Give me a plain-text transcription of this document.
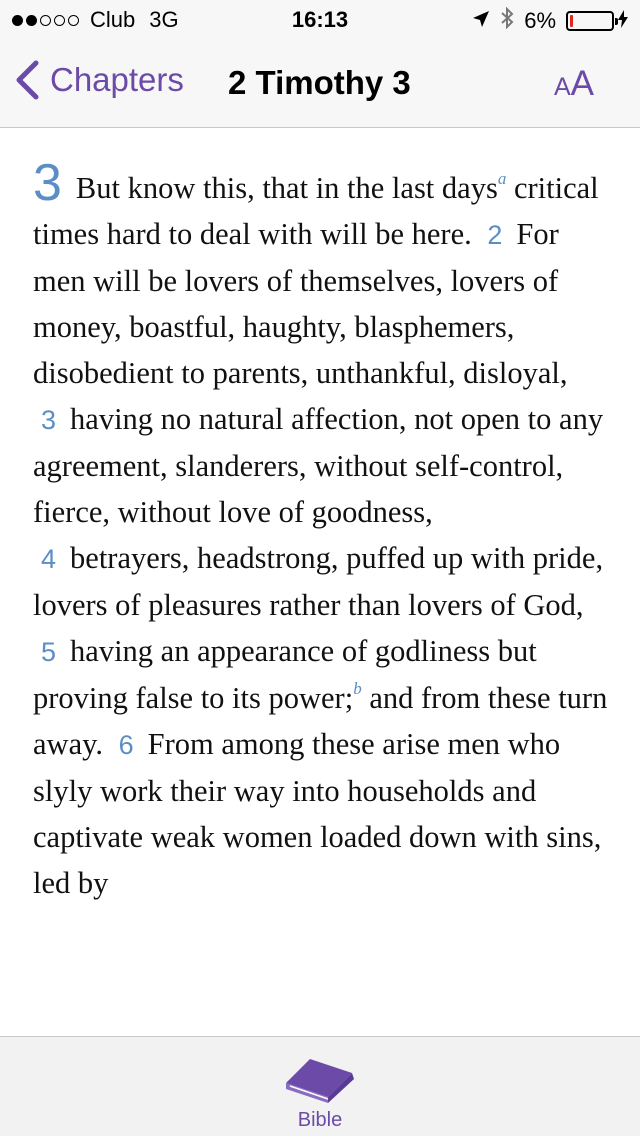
Club 3G	16:13	6%
Chapters 2 Timothy 3	A A
3 But know this, that in the last days$^a$ critical times hard to deal with will be here. 2 For men will be lovers of themselves, lovers of money, boastful, haughty, blasphemers, disobedient to parents, unthankful, disloyal, 3 having no natural affection, not open to any agreement, slanderers, without self-control, fierce, without love of goodness,
4 betrayers, headstrong, puffed up with pride, lovers of pleasures rather than lovers of God, 5 having an appearance of godliness but proving false to its power;$^b$ and from these turn away. 6 From among these arise men who slyly work their way into households and captivate weak women loaded down with sins, led by
Bible
